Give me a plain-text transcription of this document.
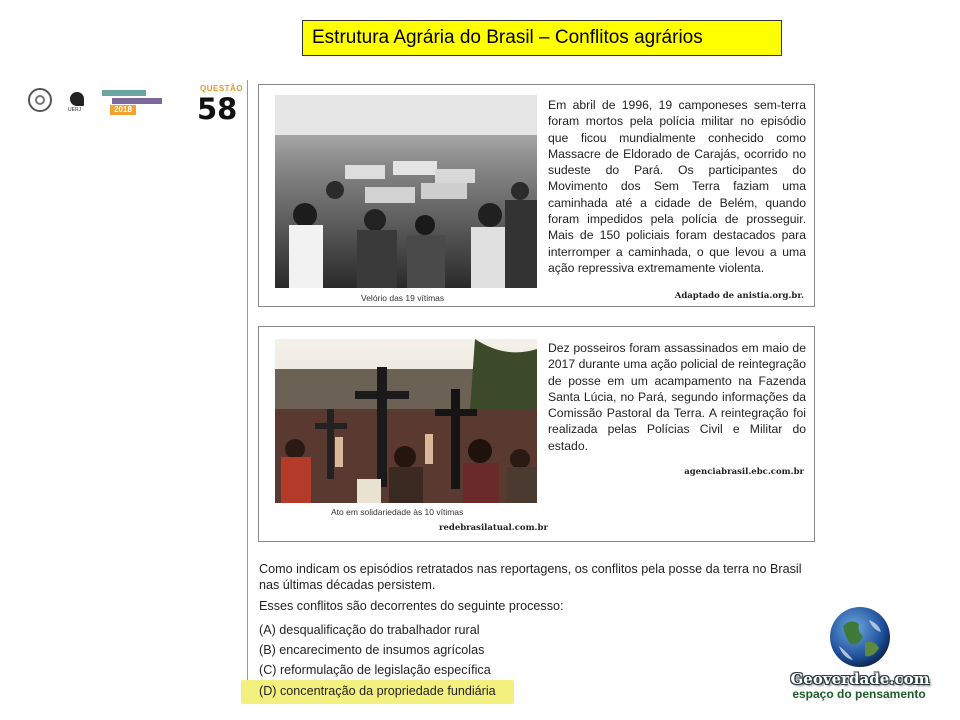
Estrutura Agrária do Brasil – Conflitos agrários
UERJ	2018
QUESTÃO
58
Velório das 19 vítimas
Em abril de 1996, 19 camponeses sem-terra foram mortos pela polícia militar no episódio que ficou mundialmente conhecido como Massacre de Eldorado de Carajás, ocorrido no sudeste do Pará. Os participantes do Movimento dos Sem Terra faziam uma caminhada até a cidade de Belém, quando foram impedidos pela polícia de prosseguir. Mais de 150 policiais foram destacados para interromper a caminhada, o que levou a uma ação repressiva extremamente violenta.
Adaptado de anistia.org.br.
Ato em solidariedade às 10 vítimas
redebrasilatual.com.br
Dez posseiros foram assassinados em maio de 2017 durante uma ação policial de reintegração de posse em um acampamento na Fazenda Santa Lúcia, no Pará, segundo informações da Comissão Pastoral da Terra. A reintegração foi realizada pelas Polícias Civil e Militar do estado.
agenciabrasil.ebc.com.br
Como indicam os episódios retratados nas reportagens, os conflitos pela posse da terra no Brasil nas últimas décadas persistem.
Esses conflitos são decorrentes do seguinte processo:
(A) desqualificação do trabalhador rural
(B) encarecimento de insumos agrícolas
(C) reformulação de legislação específica
(D) concentração da propriedade fundiária
Geoverdade.com
espaço do pensamento
